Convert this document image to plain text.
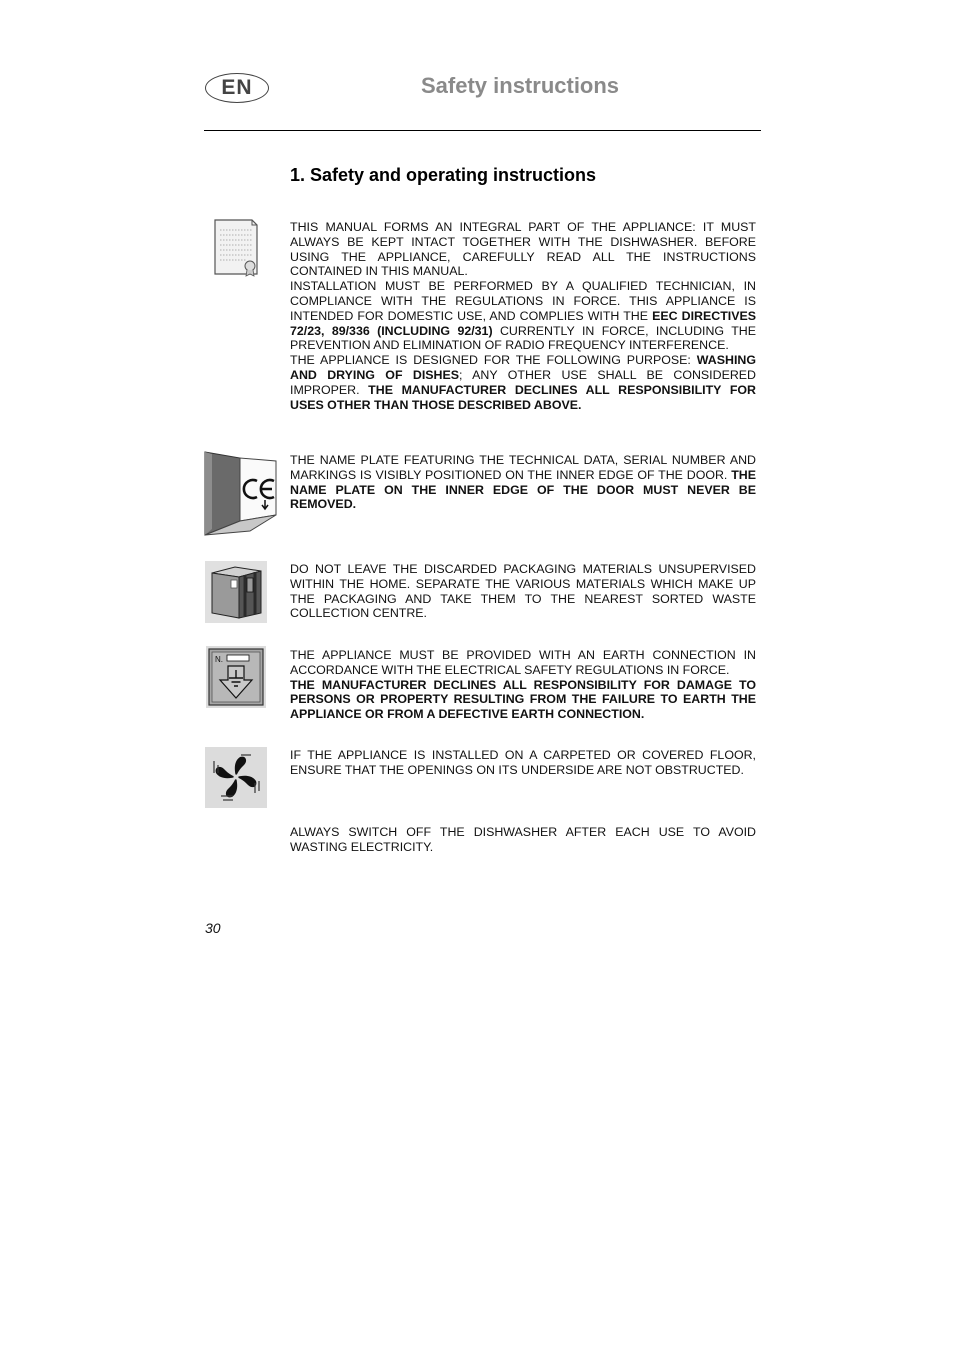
EN	Safety instructions
1. Safety and operating instructions

THIS MANUAL FORMS AN INTEGRAL PART OF THE APPLIANCE: IT MUST ALWAYS BE KEPT INTACT TOGETHER WITH THE DISHWASHER. BEFORE USING THE APPLIANCE, CAREFULLY READ ALL THE INSTRUCTIONS CONTAINED IN THIS MANUAL.

INSTALLATION MUST BE PERFORMED BY A QUALIFIED TECHNICIAN, IN COMPLIANCE WITH THE REGULATIONS IN FORCE. THIS APPLIANCE IS INTENDED FOR DOMESTIC USE, AND COMPLIES WITH THE EEC DIRECTIVES 72/23, 89/336 (INCLUDING 92/31) CURRENTLY IN FORCE, INCLUDING THE PREVENTION AND ELIMINATION OF RADIO FREQUENCY INTERFERENCE.

THE APPLIANCE IS DESIGNED FOR THE FOLLOWING PURPOSE: WASHING AND DRYING OF DISHES; ANY OTHER USE SHALL BE CONSIDERED IMPROPER. THE MANUFACTURER DECLINES ALL RESPONSIBILITY FOR USES OTHER THAN THOSE DESCRIBED ABOVE.

THE NAME PLATE FEATURING THE TECHNICAL DATA, SERIAL NUMBER AND MARKINGS IS VISIBLY POSITIONED ON THE INNER EDGE OF THE DOOR. THE NAME PLATE ON THE INNER EDGE OF THE DOOR MUST NEVER BE REMOVED.

DO NOT LEAVE THE DISCARDED PACKAGING MATERIALS UNSUPERVISED WITHIN THE HOME. SEPARATE THE VARIOUS MATERIALS WHICH MAKE UP THE PACKAGING AND TAKE THEM TO THE NEAREST SORTED WASTE COLLECTION CENTRE.

N.	THE APPLIANCE MUST BE PROVIDED WITH AN EARTH CONNECTION IN ACCORDANCE WITH THE ELECTRICAL SAFETY REGULATIONS IN FORCE.

THE MANUFACTURER DECLINES ALL RESPONSIBILITY FOR DAMAGE TO PERSONS OR PROPERTY RESULTING FROM THE FAILURE TO EARTH THE APPLIANCE OR FROM A DEFECTIVE EARTH CONNECTION.

IF THE APPLIANCE IS INSTALLED ON A CARPETED OR COVERED FLOOR, ENSURE THAT THE OPENINGS ON ITS UNDERSIDE ARE NOT OBSTRUCTED.

ALWAYS SWITCH OFF THE DISHWASHER AFTER EACH USE TO AVOID WASTING ELECTRICITY.

30
